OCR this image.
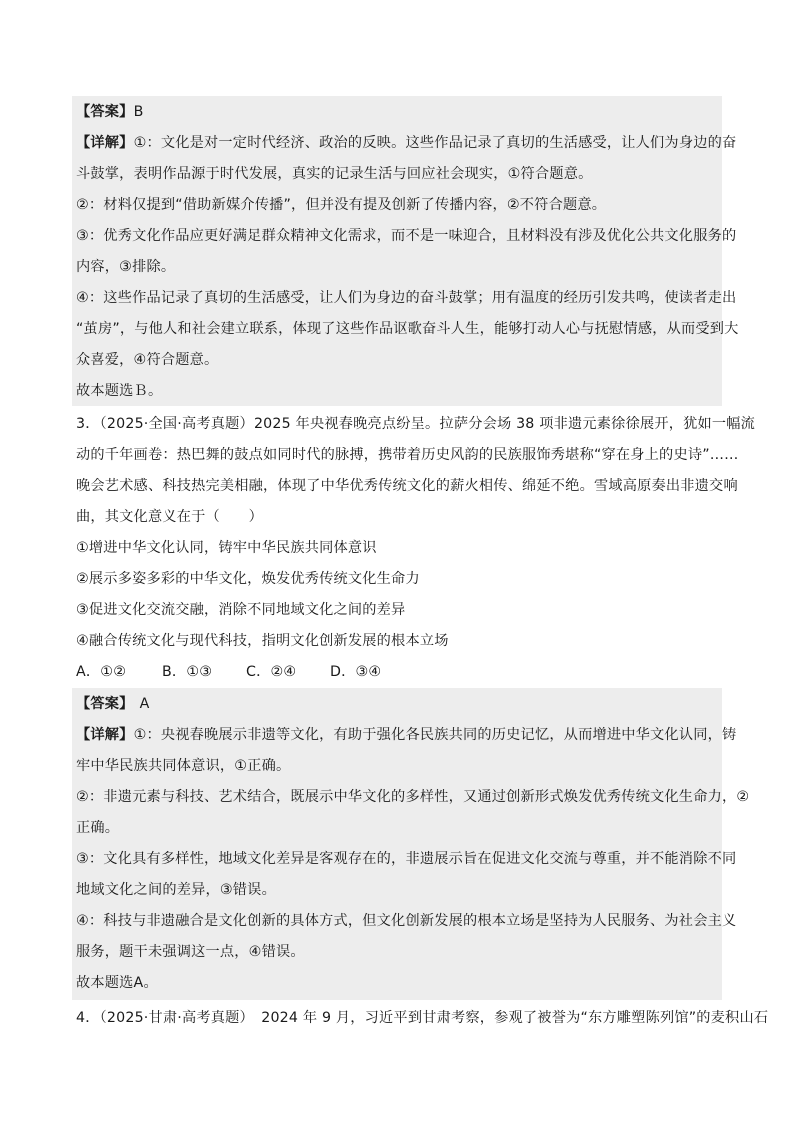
【答案】B
【详解】①：文化是对一定时代经济、政治的反映。这些作品记录了真切的生活感受，让人们为身边的奋
斗鼓掌，表明作品源于时代发展，真实的记录生活与回应社会现实，①符合题意。
②：材料仅提到“借助新媒介传播”，但并没有提及创新了传播内容，②不符合题意。
③：优秀文化作品应更好满足群众精神文化需求，而不是一味迎合，且材料没有涉及优化公共文化服务的
内容，③排除。
④：这些作品记录了真切的生活感受，让人们为身边的奋斗鼓掌；用有温度的经历引发共鸣，使读者走出
“茧房”，与他人和社会建立联系，体现了这些作品讴歌奋斗人生，能够打动人心与抚慰情感，从而受到大
众喜爱，④符合题意。
故本题选Ｂ。
3．（2025·全国·高考真题）2025 年央视春晚亮点纷呈。拉萨分会场 38 项非遗元素徐徐展开，犹如一幅流
动的千年画卷：热巴舞的鼓点如同时代的脉搏，携带着历史风韵的民族服饰秀堪称“穿在身上的史诗”……
晚会艺术感、科技热完美相融，体现了中华优秀传统文化的薪火相传、绵延不绝。雪域高原奏出非遗交响
曲，其文化意义在于（　　）
①增进中华文化认同，铸牢中华民族共同体意识
②展示多姿多彩的中华文化，焕发优秀传统文化生命力
③促进文化交流交融，消除不同地域文化之间的差异
④融合传统文化与现代科技，指明文化创新发展的根本立场
A．①②	B．①③ C．②④ D．③④
【答案】 A
【详解】①：央视春晚展示非遗等文化，有助于强化各民族共同的历史记忆，从而增进中华文化认同，铸
牢中华民族共同体意识，①正确。
②：非遗元素与科技、艺术结合，既展示中华文化的多样性，又通过创新形式焕发优秀传统文化生命力，②
正确。
③：文化具有多样性，地域文化差异是客观存在的，非遗展示旨在促进文化交流与尊重，并不能消除不同
地域文化之间的差异，③错误。
④：科技与非遗融合是文化创新的具体方式，但文化创新发展的根本立场是坚持为人民服务、为社会主义
服务，题干未强调这一点，④错误。
故本题选A。
4．（2025·甘肃·高考真题）　2024 年 9 月，习近平到甘肃考察，参观了被誉为“东方雕塑陈列馆”的麦积山石
